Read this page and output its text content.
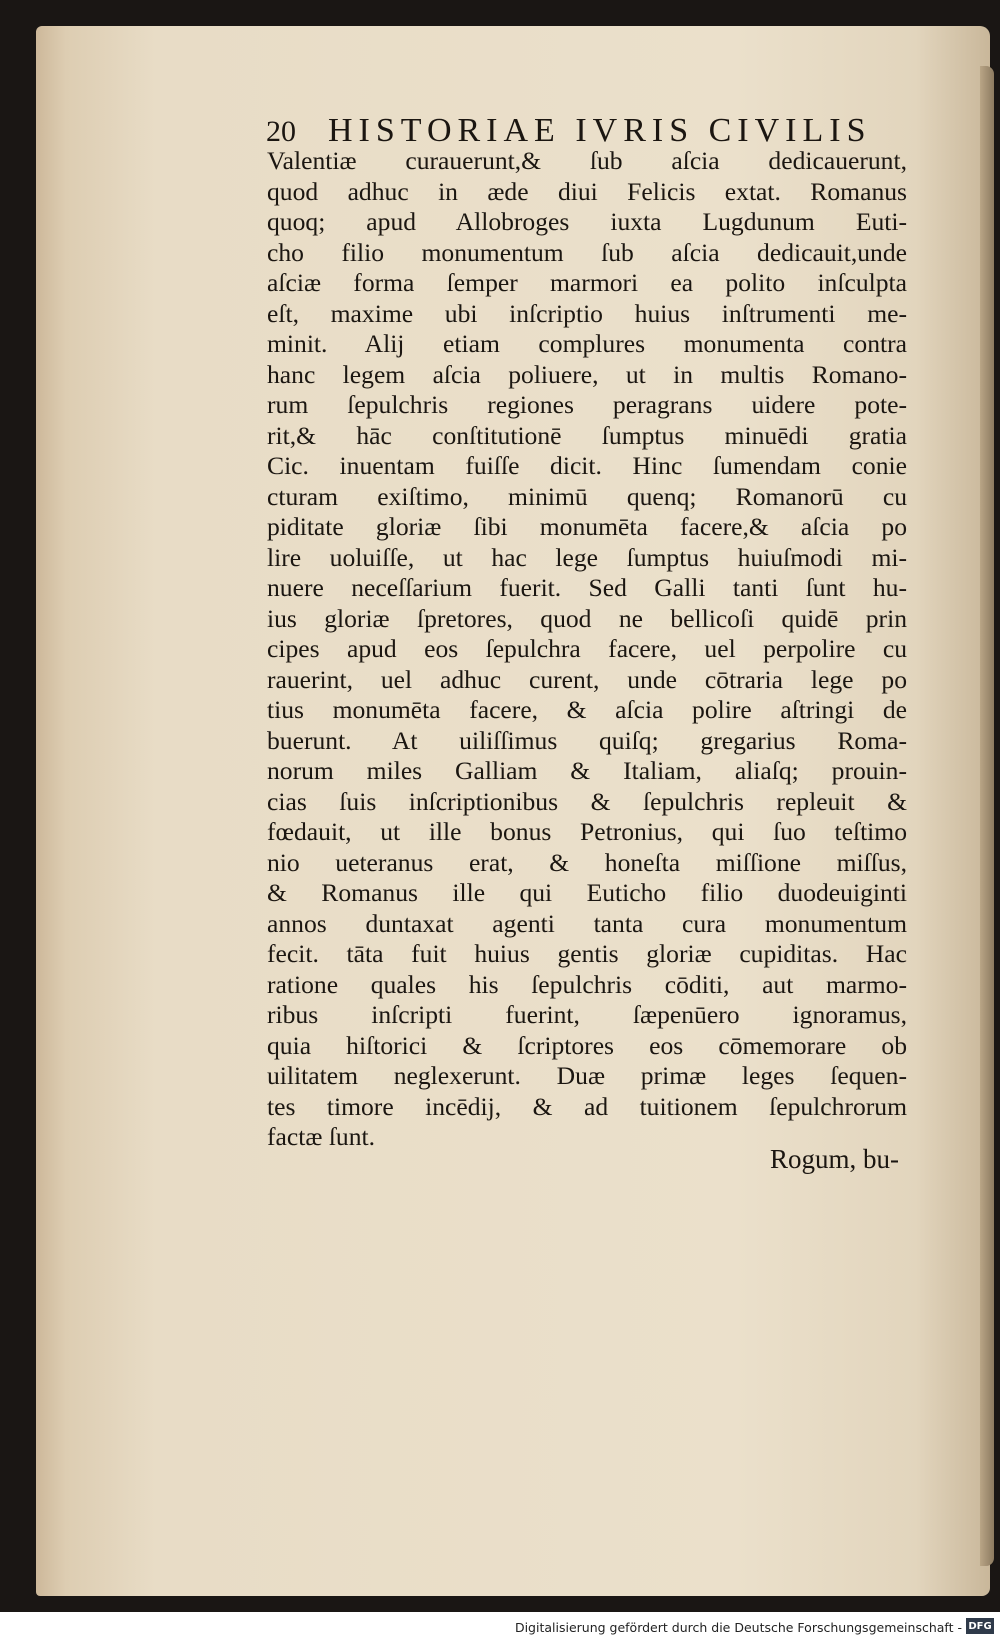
20 HISTORIAE IVRIS CIVILIS
Valentiæ curauerunt,& ſub aſcia dedicauerunt,
quod adhuc in æde diui Felicis extat. Romanus
quoq; apud Allobroges iuxta Lugdunum Euti-
cho filio monumentum ſub aſcia dedicauit,unde
aſciæ forma ſemper marmori ea polito inſculpta
eſt, maxime ubi inſcriptio huius inſtrumenti me-
minit. Alij etiam complures monumenta contra
hanc legem aſcia poliuere, ut in multis Romano-
rum ſepulchris regiones peragrans uidere pote-
rit,& hāc conſtitutionē ſumptus minuēdi gratia
Cic. inuentam fuiſſe dicit. Hinc ſumendam conie
cturam exiſtimo, minimū quenq; Romanorū cu
piditate gloriæ ſibi monumēta facere,& aſcia po
lire uoluiſſe, ut hac lege ſumptus huiuſmodi mi-
nuere neceſſarium fuerit. Sed Galli tanti ſunt hu-
ius gloriæ ſpretores, quod ne bellicoſi quidē prin
cipes apud eos ſepulchra facere, uel perpolire cu
rauerint, uel adhuc curent, unde cōtraria lege po
tius monumēta facere, & aſcia polire aſtringi de
buerunt. At uiliſſimus quiſq; gregarius Roma-
norum miles Galliam & Italiam, aliaſq; prouin-
cias ſuis inſcriptionibus & ſepulchris repleuit &
fœdauit, ut ille bonus Petronius, qui ſuo teſtimo
nio ueteranus erat, & honeſta miſſione miſſus,
& Romanus ille qui Euticho filio duodeuiginti
annos duntaxat agenti tanta cura monumentum
fecit. tāta fuit huius gentis gloriæ cupiditas. Hac
ratione quales his ſepulchris cōditi, aut marmo-
ribus inſcripti fuerint, ſæpenūero ignoramus,
quia hiſtorici & ſcriptores eos cōmemorare ob
uilitatem neglexerunt. Duæ primæ leges ſequen-
tes timore incēdij, & ad tuitionem ſepulchrorum
factæ ſunt.
Rogum, bu-
Digitalisierung gefördert durch die Deutsche Forschungsgemeinschaft - DFG
